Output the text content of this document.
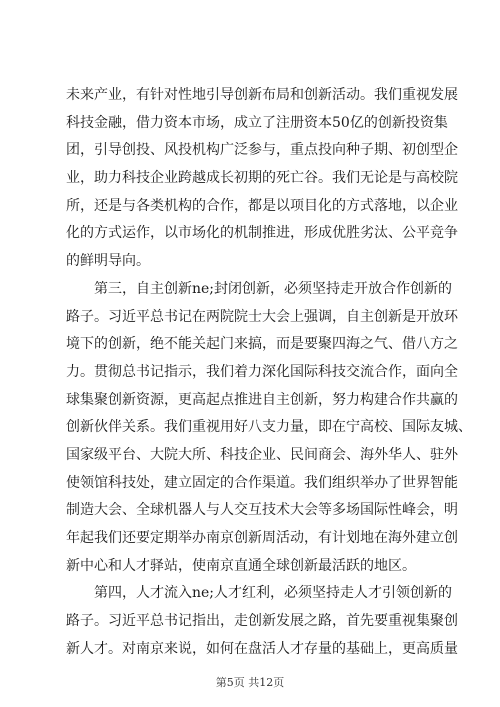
未来产业，有针对性地引导创新布局和创新活动。我们重视发展
科技金融，借力资本市场，成立了注册资本50亿的创新投资集
团，引导创投、风投机构广泛参与，重点投向种子期、初创型企
业，助力科技企业跨越成长初期的死亡谷。我们无论是与高校院
所，还是与各类机构的合作，都是以项目化的方式落地，以企业
化的方式运作，以市场化的机制推进，形成优胜劣汰、公平竞争
的鲜明导向。
第三，自主创新ne;封闭创新，必须坚持走开放合作创新的
路子。习近平总书记在两院院士大会上强调，自主创新是开放环
境下的创新，绝不能关起门来搞，而是要聚四海之气、借八方之
力。贯彻总书记指示，我们着力深化国际科技交流合作，面向全
球集聚创新资源，更高起点推进自主创新，努力构建合作共赢的
创新伙伴关系。我们重视用好八支力量，即在宁高校、国际友城、
国家级平台、大院大所、科技企业、民间商会、海外华人、驻外
使领馆科技处，建立固定的合作渠道。我们组织举办了世界智能
制造大会、全球机器人与人交互技术大会等多场国际性峰会，明
年起我们还要定期举办南京创新周活动，有计划地在海外建立创
新中心和人才驿站，使南京直通全球创新最活跃的地区。
第四，人才流入ne;人才红利，必须坚持走人才引领创新的
路子。习近平总书记指出，走创新发展之路，首先要重视集聚创
新人才。对南京来说，如何在盘活人才存量的基础上，更高质量
第5页 共12页
